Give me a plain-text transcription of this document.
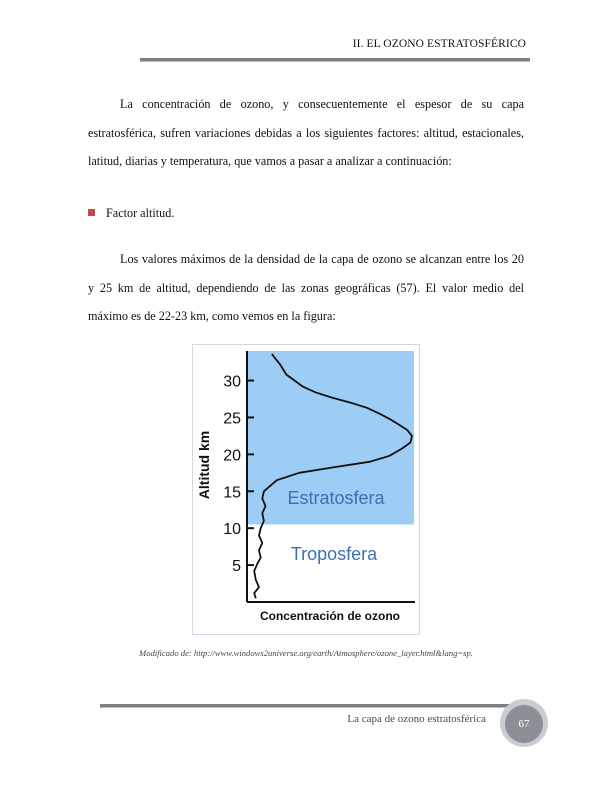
II. EL OZONO ESTRATOSFÉRICO

La concentración de ozono, y consecuentemente el espesor de su capa estratosférica, sufren variaciones debidas a los siguientes factores: altitud, estacionales, latitud, diarias y temperatura, que vamos a pasar a analizar a continuación:

Factor altitud.

Los valores máximos de la densidad de la capa de ozono se alcanzan entre los 20 y 25 km de altitud, dependiendo de las zonas geográficas (57). El valor medio del máximo es de 22-23 km, como vemos en la figura:

30
25
20
15
10
5
Estratosfera
Troposfera
Altitud km
Concentración de ozono
Modificado de: http://www.windows2universe.org/earth/Atmosphere/ozone_layer.html&lang=sp.
La capa de ozono estratosférica	67
